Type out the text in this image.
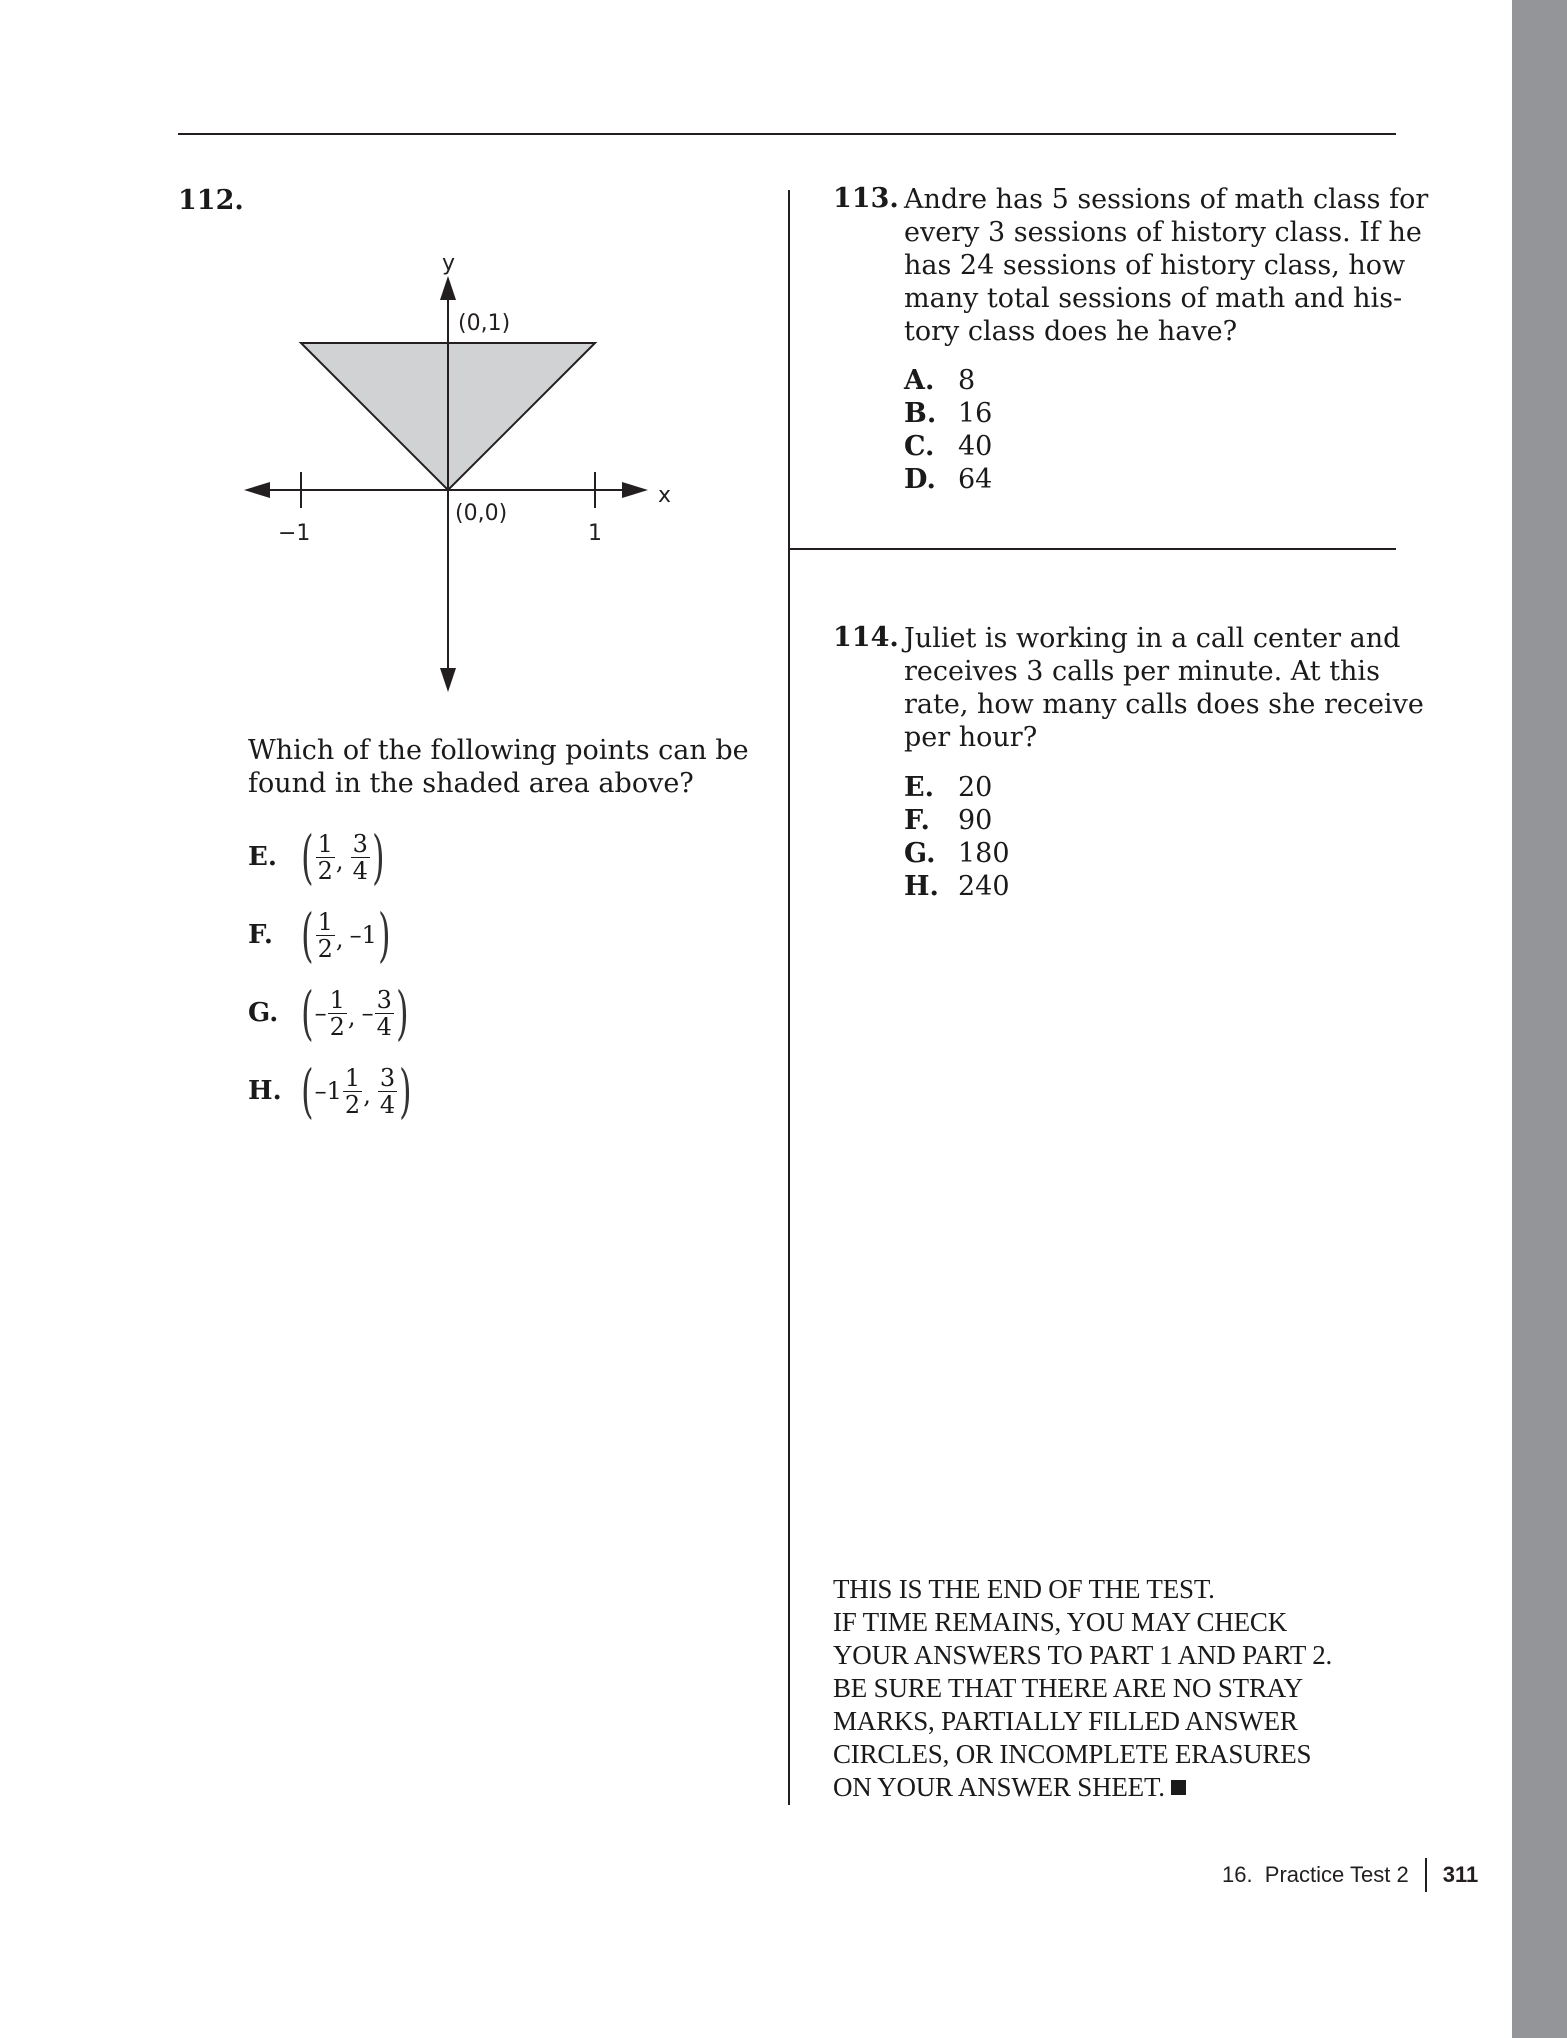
112.
y
x
(0,1)
(0,0)
−1	1
Which of the following points can be
found in the shaded area above?
E. ( $\frac{1}{2}$ , $\frac{3}{4}$ )
F. ( $\frac{1}{2}$ , –1 )
G. ( – $\frac{1}{2}$ , – $\frac{3}{4}$ )
H. ( – $1 \frac{1}{2}$ , $\frac{3}{4}$ )
113. Andre has 5 sessions of math class for
every 3 sessions of history class. If he
has 24 sessions of history class, how
many total sessions of math and his-
tory class does he have?
A. 8
B. 16
C. 40
D. 64
114. Juliet is working in a call center and
receives 3 calls per minute. At this
rate, how many calls does she receive
per hour?
E. 20
F.	90
G. 180
H. 240
THIS IS THE END OF THE TEST.
IF TIME REMAINS, YOU MAY CHECK
YOUR ANSWERS TO PART 1 AND PART 2.
BE SURE THAT THERE ARE NO STRAY
MARKS, PARTIALLY FILLED ANSWER
CIRCLES, OR INCOMPLETE ERASURES
ON YOUR ANSWER SHEET.
16.  Practice Test 2 311
